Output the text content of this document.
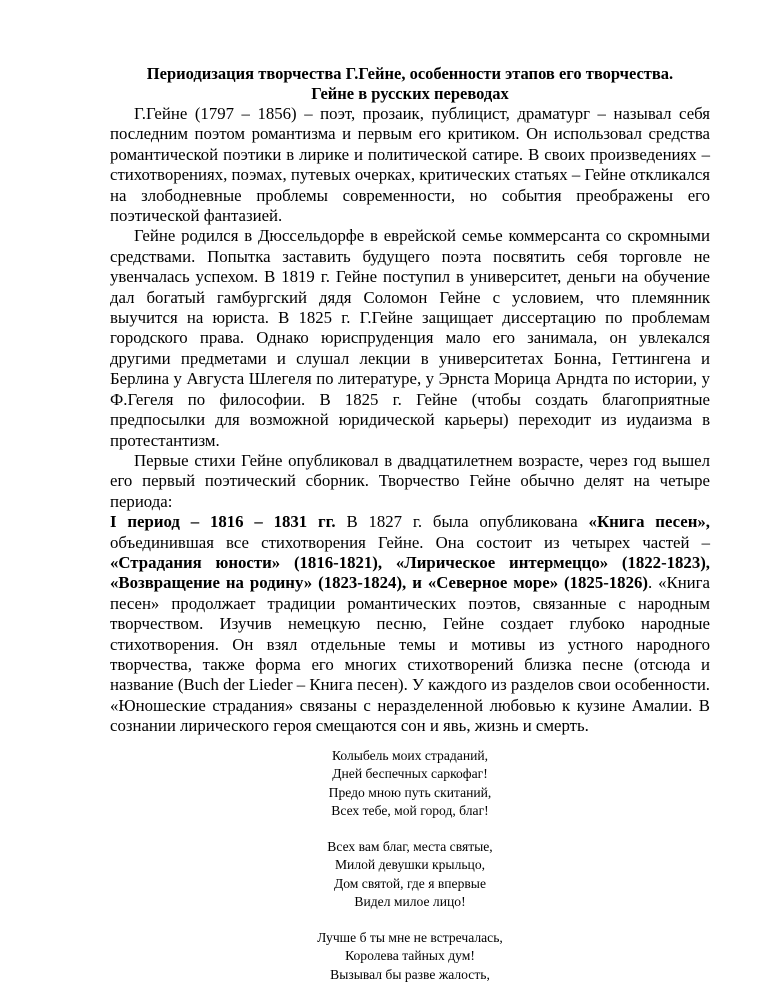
Периодизация творчества Г.Гейне, особенности этапов его творчества.
Гейне в русских переводах

Г.Гейне (1797 – 1856) – поэт, прозаик, публицист, драматург – называл себя последним поэтом романтизма и первым его критиком. Он использовал средства романтической поэтики в лирике и политической сатире. В своих произведениях – стихотворениях, поэмах, путевых очерках, критических статьях – Гейне откликался на злободневные проблемы современности, но события преображены его поэтической фантазией.

Гейне родился в Дюссельдорфе в еврейской семье коммерсанта со скромными средствами. Попытка заставить будущего поэта посвятить себя торговле не увенчалась успехом. В 1819 г. Гейне поступил в университет, деньги на обучение дал богатый гамбургский дядя Соломон Гейне с условием, что племянник выучится на юриста. В 1825 г. Г.Гейне защищает диссертацию по проблемам городского права. Однако юриспруденция мало его занимала, он увлекался другими предметами и слушал лекции в университетах Бонна, Геттингена и Берлина у Августа Шлегеля по литературе, у Эрнста Морица Арндта по истории, у Ф.Гегеля по философии. В 1825 г. Гейне (чтобы создать благоприятные предпосылки для возможной юридической карьеры) переходит из иудаизма в протестантизм.

Первые стихи Гейне опубликовал в двадцатилетнем возрасте, через год вышел его первый поэтический сборник. Творчество Гейне обычно делят на четыре периода:

I период – 1816 – 1831 гг. В 1827 г. была опубликована «Книга песен», объединившая все стихотворения Гейне. Она состоит из четырех частей – «Страдания юности» (1816-1821), «Лирическое интермеццо» (1822-1823), «Возвращение на родину» (1823-1824), и «Северное море» (1825-1826). «Книга песен» продолжает традиции романтических поэтов, связанные с народным творчеством. Изучив немецкую песню, Гейне создает глубоко народные стихотворения. Он взял отдельные темы и мотивы из устного народного творчества, также форма его многих стихотворений близка песне (отсюда и название (Buch der Lieder – Книга песен). У каждого из разделов свои особенности. «Юношеские страдания» связаны с неразделенной любовью к кузине Амалии. В сознании лирического героя смещаются сон и явь, жизнь и смерть.

Колыбель моих страданий,
Дней беспечных саркофаг!
Предо мною путь скитаний,
Всех тебе, мой город, благ!
Всех вам благ, места святые,
Милой девушки крыльцо,
Дом святой, где я впервые
Видел милое лицо!
Лучше б ты мне не встречалась,
Королева тайных дум!
Вызывал бы разве жалость,
